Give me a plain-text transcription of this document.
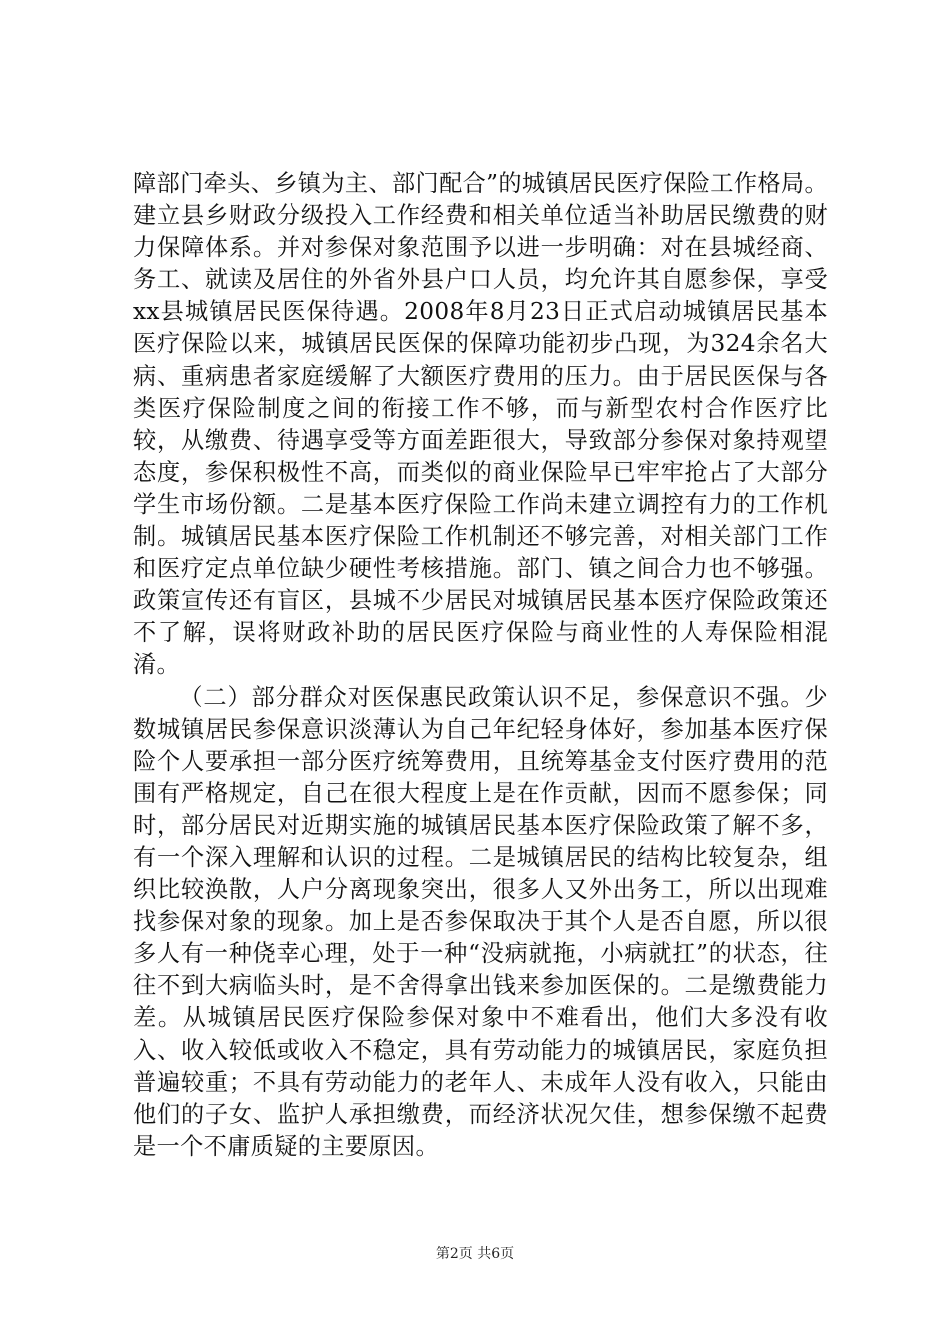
障部门牵头、乡镇为主、部门配合”的城镇居民医疗保险工作格局。建立县乡财政分级投入工作经费和相关单位适当补助居民缴费的财力保障体系。并对参保对象范围予以进一步明确：对在县城经商、务工、就读及居住的外省外县户口人员，均允许其自愿参保，享受xx县城镇居民医保待遇。2008年8月23日正式启动城镇居民基本医疗保险以来，城镇居民医保的保障功能初步凸现，为324余名大病、重病患者家庭缓解了大额医疗费用的压力。由于居民医保与各类医疗保险制度之间的衔接工作不够，而与新型农村合作医疗比较，从缴费、待遇享受等方面差距很大，导致部分参保对象持观望态度，参保积极性不高，而类似的商业保险早已牢牢抢占了大部分学生市场份额。二是基本医疗保险工作尚未建立调控有力的工作机制。城镇居民基本医疗保险工作机制还不够完善，对相关部门工作和医疗定点单位缺少硬性考核措施。部门、镇之间合力也不够强。政策宣传还有盲区，县城不少居民对城镇居民基本医疗保险政策还不了解，误将财政补助的居民医疗保险与商业性的人寿保险相混淆。

（二）部分群众对医保惠民政策认识不足，参保意识不强。少数城镇居民参保意识淡薄认为自己年纪轻身体好，参加基本医疗保险个人要承担一部分医疗统筹费用，且统筹基金支付医疗费用的范围有严格规定，自己在很大程度上是在作贡献，因而不愿参保；同时，部分居民对近期实施的城镇居民基本医疗保险政策了解不多，有一个深入理解和认识的过程。二是城镇居民的结构比较复杂，组织比较涣散，人户分离现象突出，很多人又外出务工，所以出现难找参保对象的现象。加上是否参保取决于其个人是否自愿，所以很多人有一种侥幸心理，处于一种“没病就拖，小病就扛”的状态，往往不到大病临头时，是不舍得拿出钱来参加医保的。二是缴费能力差。从城镇居民医疗保险参保对象中不难看出，他们大多没有收入、收入较低或收入不稳定，具有劳动能力的城镇居民，家庭负担普遍较重；不具有劳动能力的老年人、未成年人没有收入，只能由他们的子女、监护人承担缴费，而经济状况欠佳，想参保缴不起费是一个不庸质疑的主要原因。

第2页 共6页
